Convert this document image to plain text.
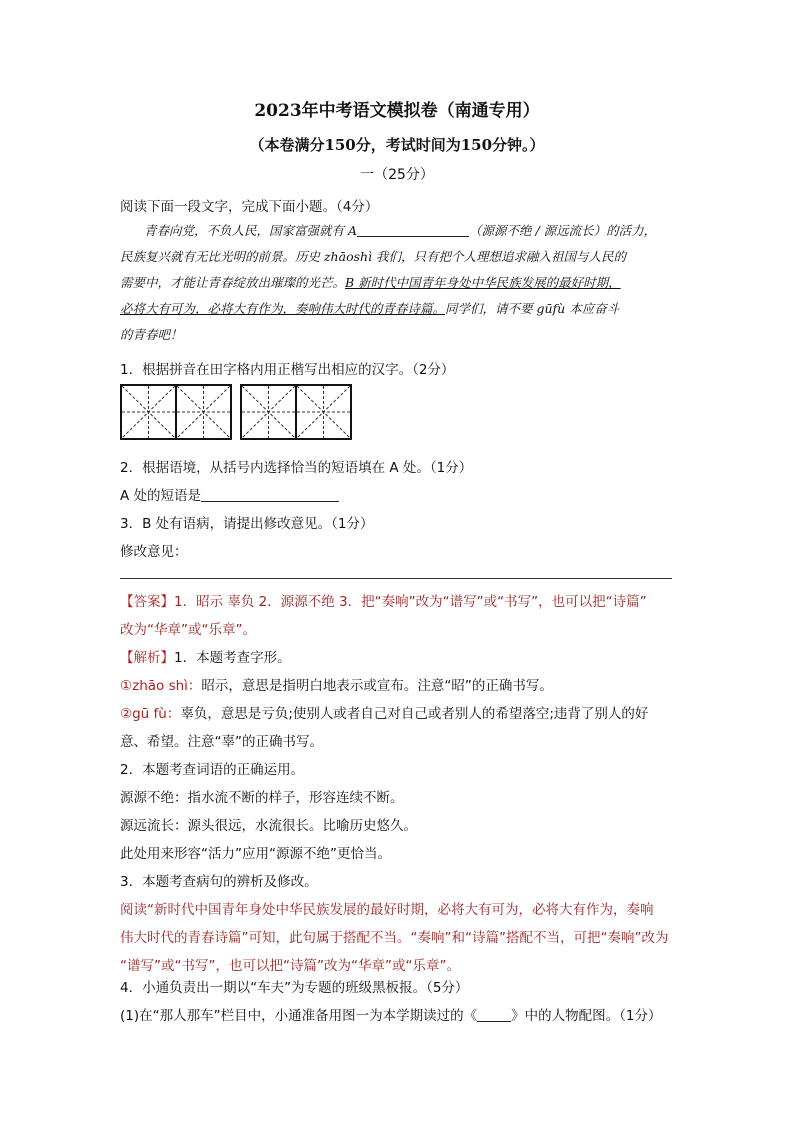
2023年中考语文模拟卷（南通专用）
（本卷满分150分，考试时间为150分钟。）
一（25分）
阅读下面一段文字，完成下面小题。（4分）
青春向党，不负人民，国家富强就有 A	（源源不绝 / 源远流长）的活力，
民族复兴就有无比光明的前景。历史 zhāoshì 我们，只有把个人理想追求融入祖国与人民的
需要中，才能让青春绽放出璀璨的光芒。B 新时代中国青年身处中华民族发展的最好时期，
必将大有可为，必将大有作为，奏响伟大时代的青春诗篇。同学们，请不要 gūfù 本应奋斗
的青春吧！
1．根据拼音在田字格内用正楷写出相应的汉字。（2分）
2．根据语境，从括号内选择恰当的短语填在 A 处。（1分）
A 处的短语是
3．B 处有语病，请提出修改意见。（1分）
修改意见：
【答案】1．昭示 辜负 2．源源不绝 3．把“奏响”改为“谱写”或“书写”，也可以把“诗篇”
改为“华章”或“乐章”。
【解析】1．本题考查字形。
①zhāo shì：昭示，意思是指明白地表示或宣布。注意“昭”的正确书写。
②gū fù：辜负，意思是亏负;使别人或者自己对自己或者别人的希望落空;违背了别人的好
意、希望。注意“辜”的正确书写。
2．本题考查词语的正确运用。
源源不绝：指水流不断的样子，形容连续不断。
源远流长：源头很远，水流很长。比喻历史悠久。
此处用来形容“活力”应用“源源不绝”更恰当。
3．本题考查病句的辨析及修改。
阅读“新时代中国青年身处中华民族发展的最好时期，必将大有可为，必将大有作为，奏响
伟大时代的青春诗篇”可知，此句属于搭配不当。“奏响”和“诗篇”搭配不当，可把“奏响”改为
“谱写”或“书写”，也可以把“诗篇”改为“华章”或“乐章”。
4．小通负责出一期以“车夫”为专题的班级黑板报。（5分）
(1)在“那人那车”栏目中，小通准备用图一为本学期读过的《	》中的人物配图。（1分）
